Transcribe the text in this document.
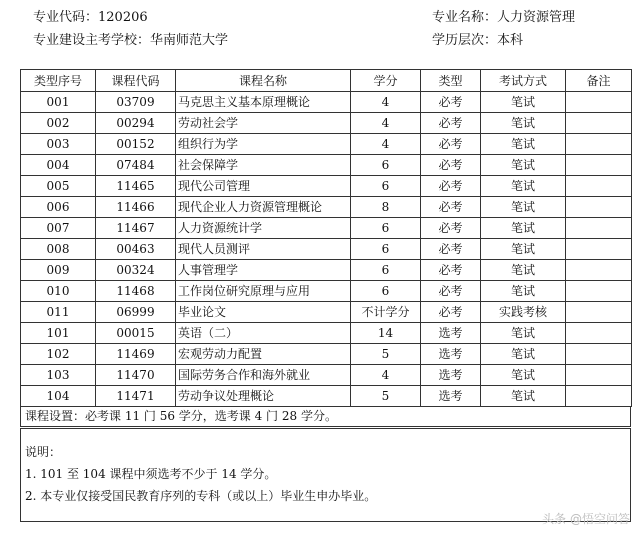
专业代码：120206
专业建设主考学校：华南师范大学
专业名称：人力资源管理
学历层次：本科
类型序号	课程代码	课程名称	学分	类型	考试方式	备注
001	03709	马克思主义基本原理概论	4	必考	笔试	
002	00294	劳动社会学	4	必考	笔试	
003	00152	组织行为学	4	必考	笔试	
004	07484	社会保障学	6	必考	笔试	
005	11465	现代公司管理	6	必考	笔试	
006	11466	现代企业人力资源管理概论	8	必考	笔试	
007	11467	人力资源统计学	6	必考	笔试	
008	00463	现代人员测评	6	必考	笔试	
009	00324	人事管理学	6	必考	笔试	
010	11468	工作岗位研究原理与应用	6	必考	笔试	
011	06999	毕业论文	不计学分	必考	实践考核	
101	00015	英语（二）	14	选考	笔试	
102	11469	宏观劳动力配置	5	选考	笔试	
103	11470	国际劳务合作和海外就业	4	选考	笔试	
104	11471	劳动争议处理概论	5	选考	笔试	
课程设置：必考课 11 门 56 学分，选考课 4 门 28 学分。
说明：
1. 101 至 104 课程中须选考不少于 14 学分。
2. 本专业仅接受国民教育序列的专科（或以上）毕业生申办毕业。
头条 @悟空问答
